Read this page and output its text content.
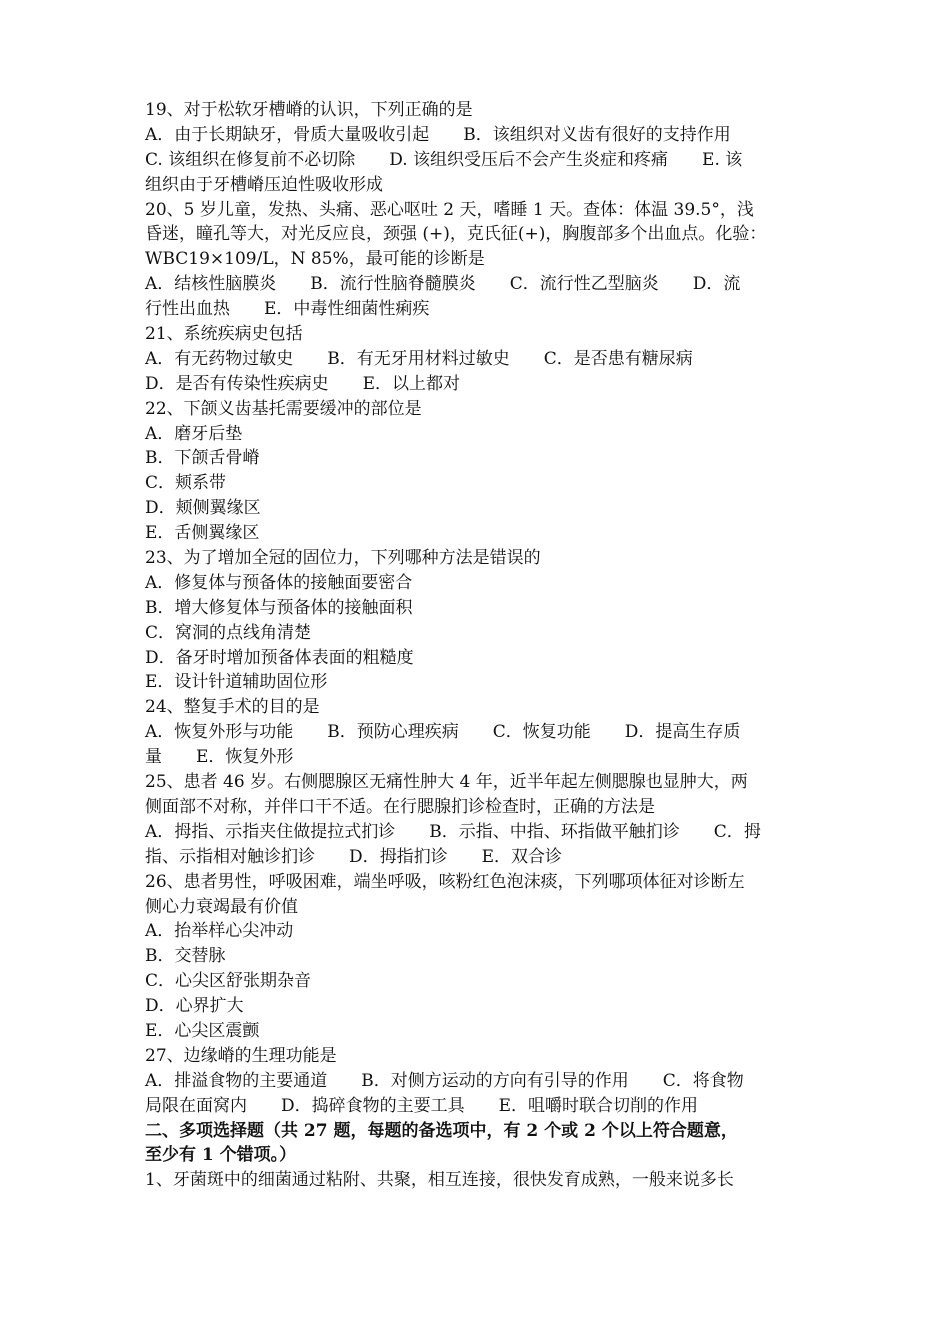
19、对于松软牙槽嵴的认识，下列正确的是
A．由于长期缺牙，骨质大量吸收引起　　B．该组织对义齿有很好的支持作用
C. 该组织在修复前不必切除　　D. 该组织受压后不会产生炎症和疼痛　　E. 该
组织由于牙槽嵴压迫性吸收形成
20、5 岁儿童，发热、头痛、恶心呕吐 2 天，嗜睡 1 天。查体：体温 39.5°，浅
昏迷，瞳孔等大，对光反应良，颈强 (+)，克氏征(+)，胸腹部多个出血点。化验：
WBC19×109/L，N 85%，最可能的诊断是
A．结核性脑膜炎　　B．流行性脑脊髓膜炎　　C．流行性乙型脑炎　　D．流
行性出血热　　E．中毒性细菌性痢疾
21、系统疾病史包括
A．有无药物过敏史　　B．有无牙用材料过敏史　　C．是否患有糖尿病
D．是否有传染性疾病史　　E．以上都对
22、下颌义齿基托需要缓冲的部位是
A．磨牙后垫
B．下颌舌骨嵴
C．颊系带
D．颊侧翼缘区
E．舌侧翼缘区
23、为了增加全冠的固位力，下列哪种方法是错误的
A．修复体与预备体的接触面要密合
B．增大修复体与预备体的接触面积
C．窝洞的点线角清楚
D．备牙时增加预备体表面的粗糙度
E．设计针道辅助固位形
24、整复手术的目的是
A．恢复外形与功能　　B．预防心理疾病　　C．恢复功能　　D．提高生存质
量　　E．恢复外形
25、患者 46 岁。右侧腮腺区无痛性肿大 4 年，近半年起左侧腮腺也显肿大，两
侧面部不对称，并伴口干不适。在行腮腺扪诊检查时，正确的方法是
A．拇指、示指夹住做提拉式扪诊　　B．示指、中指、环指做平触扪诊　　C．拇
指、示指相对触诊扪诊　　D．拇指扪诊　　E．双合诊
26、患者男性，呼吸困难，端坐呼吸，咳粉红色泡沫痰，下列哪项体征对诊断左
侧心力衰竭最有价值
A．抬举样心尖冲动
B．交替脉
C．心尖区舒张期杂音
D．心界扩大
E．心尖区震颤
27、边缘嵴的生理功能是
A．排溢食物的主要通道　　B．对侧方运动的方向有引导的作用　　C．将食物
局限在面窝内　　D．捣碎食物的主要工具　　E．咀嚼时联合切削的作用
二、多项选择题（共 27 题，每题的备选项中，有 2 个或 2 个以上符合题意，
至少有 1 个错项。）
1、牙菌斑中的细菌通过粘附、共聚，相互连接，很快发育成熟，一般来说多长
